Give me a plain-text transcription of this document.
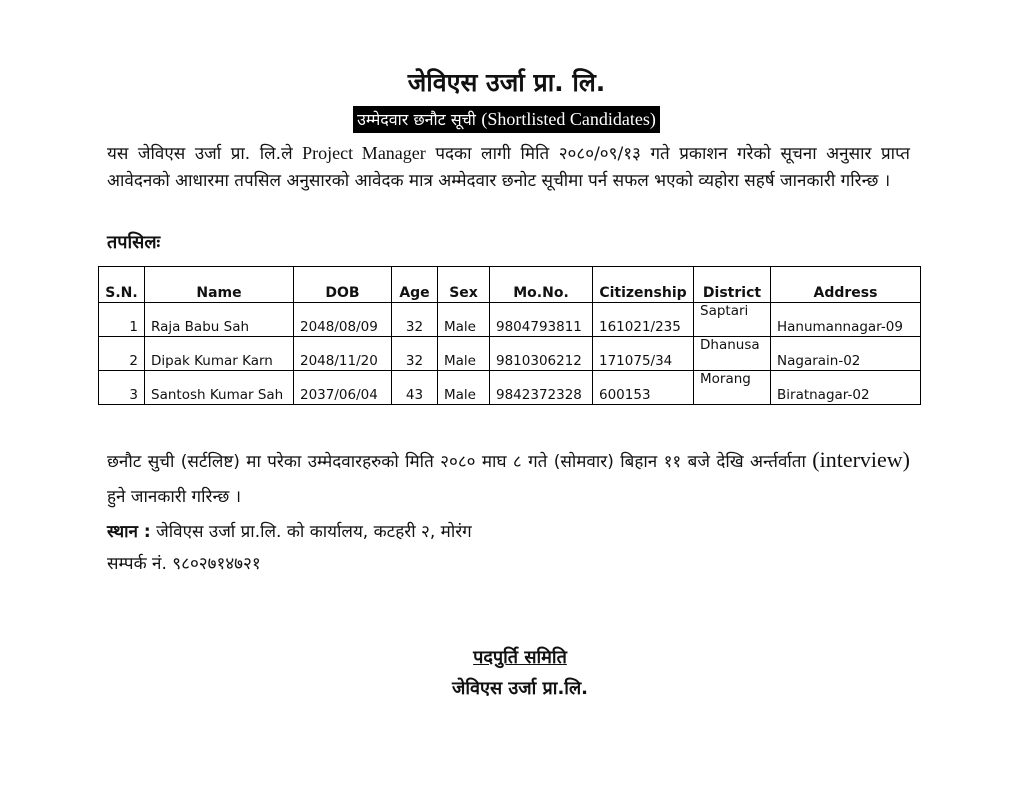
जेविएस उर्जा प्रा. लि.
उम्मेदवार छनौट सूची (Shortlisted Candidates)
यस जेविएस उर्जा प्रा. लि.ले Project Manager पदका लागी मिति २०८०/०९/१३ गते प्रकाशन गरेको सूचना अनुसार प्राप्त आवेदनको आधारमा तपसिल अनुसारको आवेदक मात्र अम्मेदवार छनोट सूचीमा पर्न सफल भएको व्यहोरा सहर्ष जानकारी गरिन्छ ।
तपसिलः
S.N.	Name	DOB	Age	Sex	Mo.No.	Citizenship	District	Address
1	Raja Babu Sah	2048/08/09	32	Male	9804793811	161021/235	Saptari	Hanumannagar-09
2	Dipak Kumar Karn	2048/11/20	32	Male	9810306212	171075/34	Dhanusa	Nagarain-02
3	Santosh Kumar Sah	2037/06/04	43	Male	9842372328	600153	Morang	Biratnagar-02
छनौट सुची (सर्टलिष्ट) मा परेका उम्मेदवारहरुको मिति २०८० माघ ८ गते (सोमवार) बिहान ११ बजे देखि अर्न्तर्वाता (interview) हुने जानकारी गरिन्छ ।
स्थान : जेविएस उर्जा प्रा.लि. को कार्यालय, कटहरी २, मोरंग
सम्पर्क नं. ९८०२७१४७२१
पदपुर्ति समिति
जेविएस उर्जा प्रा.लि.
